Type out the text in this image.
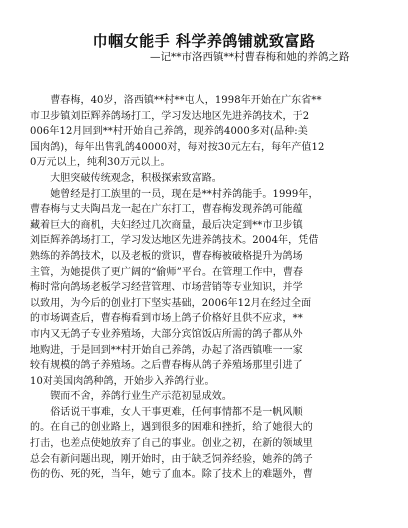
巾帼女能手 科学养鸽铺就致富路

—记**市洛西镇**村曹春梅和她的养鸽之路

　　曹春梅，40岁，洛西镇**村**屯人，1998年开始在广东省**

市卫步镇刘臣辉养鸽场打工，学习发达地区先进养鸽技术，于2

006年12月回到**村开始自己养鸽，现养鸽4000多对(品种:美

国肉鸽)，每年出售乳鸽40000对，每对按30元左右，每年产值12

0万元以上，纯利30万元以上。

　　大胆突破传统观念，积极探索致富路。

　　她曾经是打工族里的一员，现在是**村养鸽能手。1999年，

曹春梅与丈夫陶昌龙一起在广东打工，曹春梅发现养鸽可能蕴

藏着巨大的商机，夫妇经过几次商量，最后决定到**市卫步镇

刘臣辉养鸽场打工，学习发达地区先进养鸽技术。2004年，凭借

熟练的养鸽技术，以及老板的赏识，曹春梅被破格提升为鸽场

主管，为她提供了更广阔的“偷师”平台。在管理工作中，曹春

梅时常向鸽场老板学习经营管理、市场营销等专业知识，并学

以致用，为今后的创业打下坚实基础，2006年12月在经过全面

的市场调查后，曹春梅看到市场上鸽子价格好且供不应求，**

市内又无鸽子专业养殖场，大部分宾馆饭店所需的鸽子都从外

地购进，于是回到**村开始自己养鸽，办起了洛西镇唯一一家

较有规模的鸽子养殖场。之后曹春梅从鸽子养殖场那里引进了

10对美国肉鸽种鸽，开始步入养鸽行业。

　　锲而不舍，养鸽行业生产示范初显成效。

　　俗话说干事难，女人干事更难，任何事情都不是一帆风顺

的。在自己的创业路上，遇到很多的困难和挫折，给了她很大的

打击，也差点使她放弃了自己的事业。创业之初，在新的领域里

总会有新问题出现，刚开始时，由于缺乏饲养经验，她养的鸽子

伤的伤、死的死，当年，她亏了血本。除了技术上的难题外，曹
